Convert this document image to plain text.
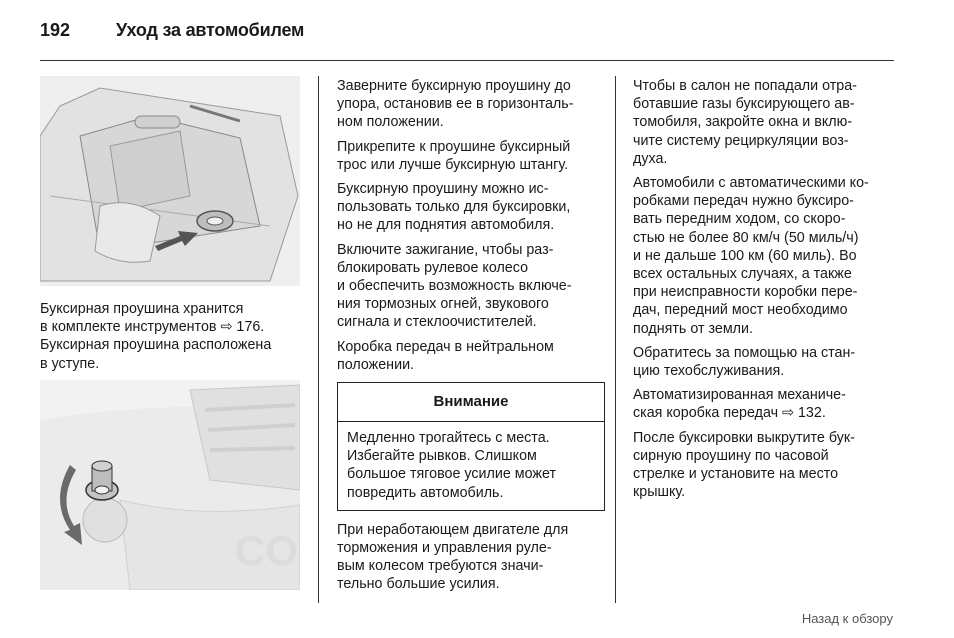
192	Уход за автомобилем
Буксирная проушина хранится
в комплекте инструментов ⇨ 176.
Буксирная проушина расположена
в уступе.
CO

Заверните буксирную проушину до
упора, остановив ее в горизонталь-
ном положении.

Прикрепите к проушине буксирный
трос или лучше буксирную штангу.

Буксирную проушину можно ис-
пользовать только для буксировки,
но не для поднятия автомобиля.

Включите зажигание, чтобы раз-
блокировать рулевое колесо
и обеспечить возможность включе-
ния тормозных огней, звукового
сигнала и стеклоочистителей.

Коробка передач в нейтральном
положении.

Внимание
Медленно трогайтесь с места.
Избегайте рывков. Слишком
большое тяговое усилие может
повредить автомобиль.

При неработающем двигателе для
торможения и управления руле-
вым колесом требуются значи-
тельно большие усилия.

Чтобы в салон не попадали отра-
ботавшие газы буксирующего ав-
томобиля, закройте окна и вклю-
чите систему рециркуляции воз-
духа.

Автомобили с автоматическими ко-
робками передач нужно буксиро-
вать передним ходом, со скоро-
стью не более 80 км/ч (50 миль/ч)
и не дальше 100 км (60 миль). Во
всех остальных случаях, а также
при неисправности коробки пере-
дач, передний мост необходимо
поднять от земли.

Обратитесь за помощью на стан-
цию техобслуживания.

Автоматизированная механиче-
ская коробка передач ⇨ 132.

После буксировки выкрутите бук-
сирную проушину по часовой
стрелке и установите на место
крышку.

Назад к обзору
